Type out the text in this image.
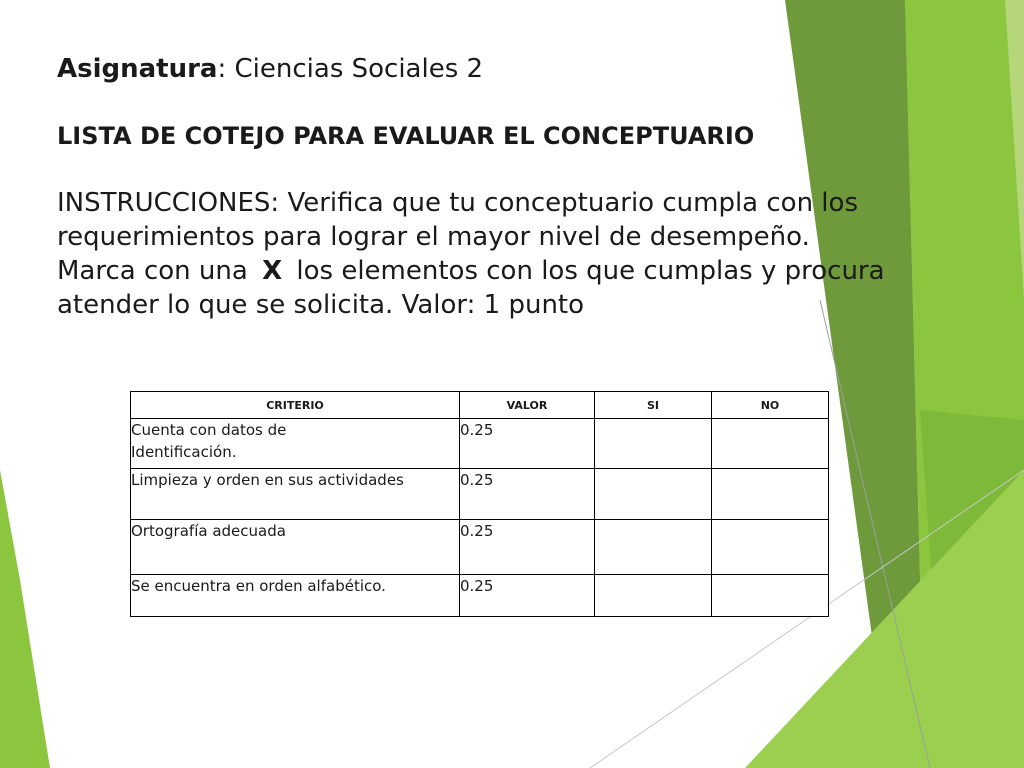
Asignatura: Ciencias Sociales 2
LISTA DE COTEJO PARA EVALUAR EL CONCEPTUARIO
INSTRUCCIONES: Verifica que tu conceptuario cumpla con los
requerimientos para lograr el mayor nivel de desempeño.
Marca con una X los elementos con los que cumplas y procura
atender lo que se solicita. Valor: 1 punto
CRITERIO	VALOR	SI	NO

Cuenta con datos de
Identificación.	0.25		
Limpieza y orden en sus actividades	0.25		
Ortografía adecuada	0.25		
Se encuentra en orden alfabético.	0.25		
